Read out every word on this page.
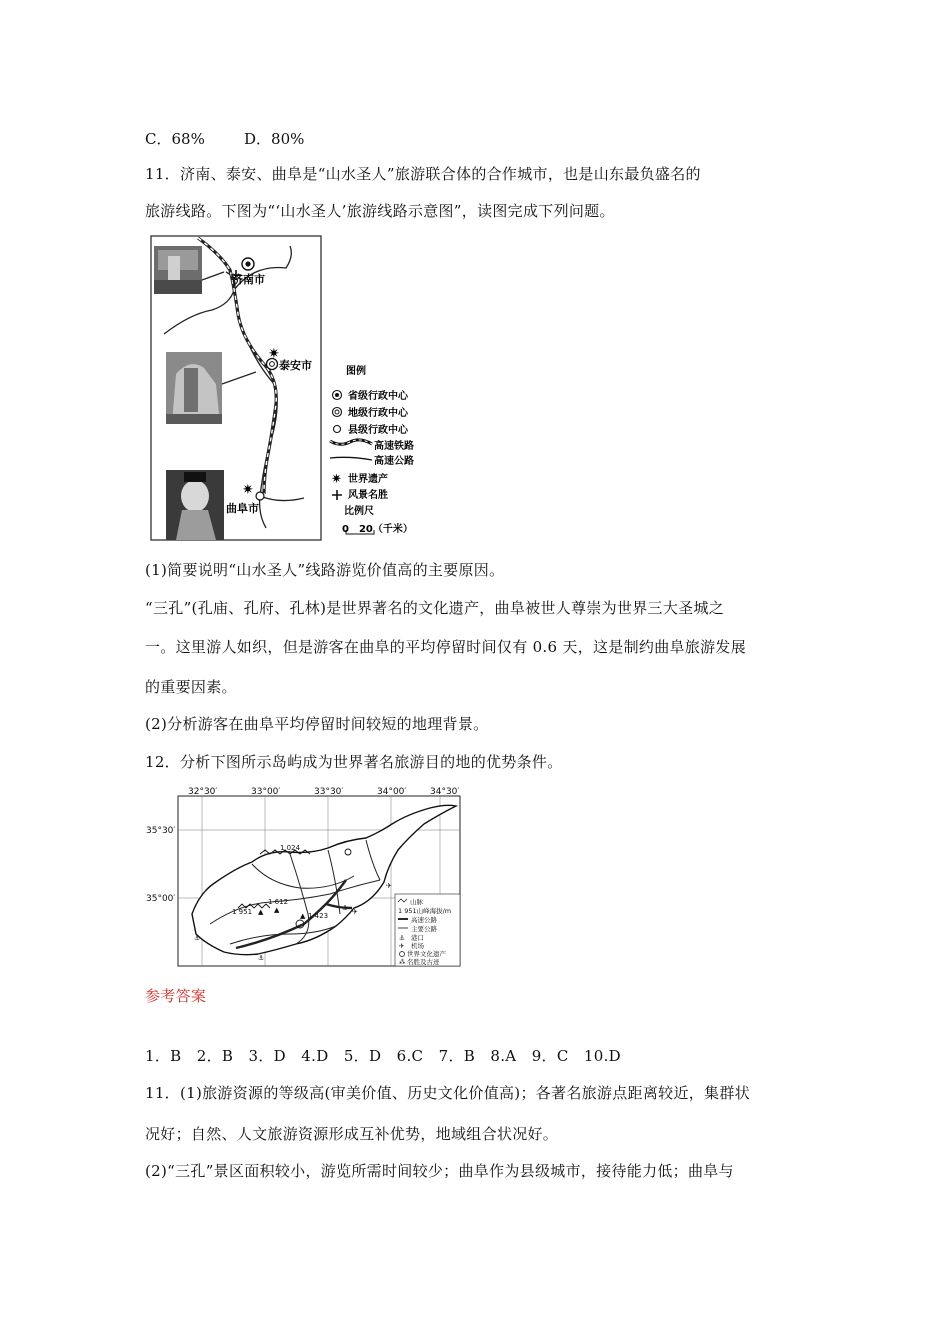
C．68%	D．80%
11．济南、泰安、曲阜是“山水圣人”旅游联合体的合作城市，也是山东最负盛名的
旅游线路。下图为“‘山水圣人’旅游线路示意图”，读图完成下列问题。
济南市
✷
泰安市
✷
曲阜市
图例
省级行政中心
地级行政中心
县级行政中心
高速铁路
高速公路
✷ 世界遗产
风景名胜
比例尺
0　20（千米）
(1)简要说明“山水圣人”线路游览价值高的主要原因。
“三孔”(孔庙、孔府、孔林)是世界著名的文化遗产，曲阜被世人尊崇为世界三大圣城之
一。这里游人如织，但是游客在曲阜的平均停留时间仅有 0.6 天，这是制约曲阜旅游发展
的重要因素。
(2)分析游客在曲阜平均停留时间较短的地理背景。
12．分析下图所示岛屿成为世界著名旅游目的地的优势条件。
32°30′	33°00′	33°30′	34°00′	34°30′
35°30′
35°00′
1 024
1 951
1 612
1 423
▲ ▲
▲
⚓
⚓
⚓
✈
✈
山脉
1 951山峰海拔/m
高速公路
主要公路
⚓ 港口
✈ 机场
世界文化遗产
⁂ 名胜及古迹
参考答案
1．B　2．B　3．D　4.D　5．D　6.C　7．B　8.A　9．C　10.D
11．(1)旅游资源的等级高(审美价值、历史文化价值高)；各著名旅游点距离较近，集群状
况好；自然、人文旅游资源形成互补优势，地域组合状况好。
(2)“三孔”景区面积较小，游览所需时间较少；曲阜作为县级城市，接待能力低；曲阜与
